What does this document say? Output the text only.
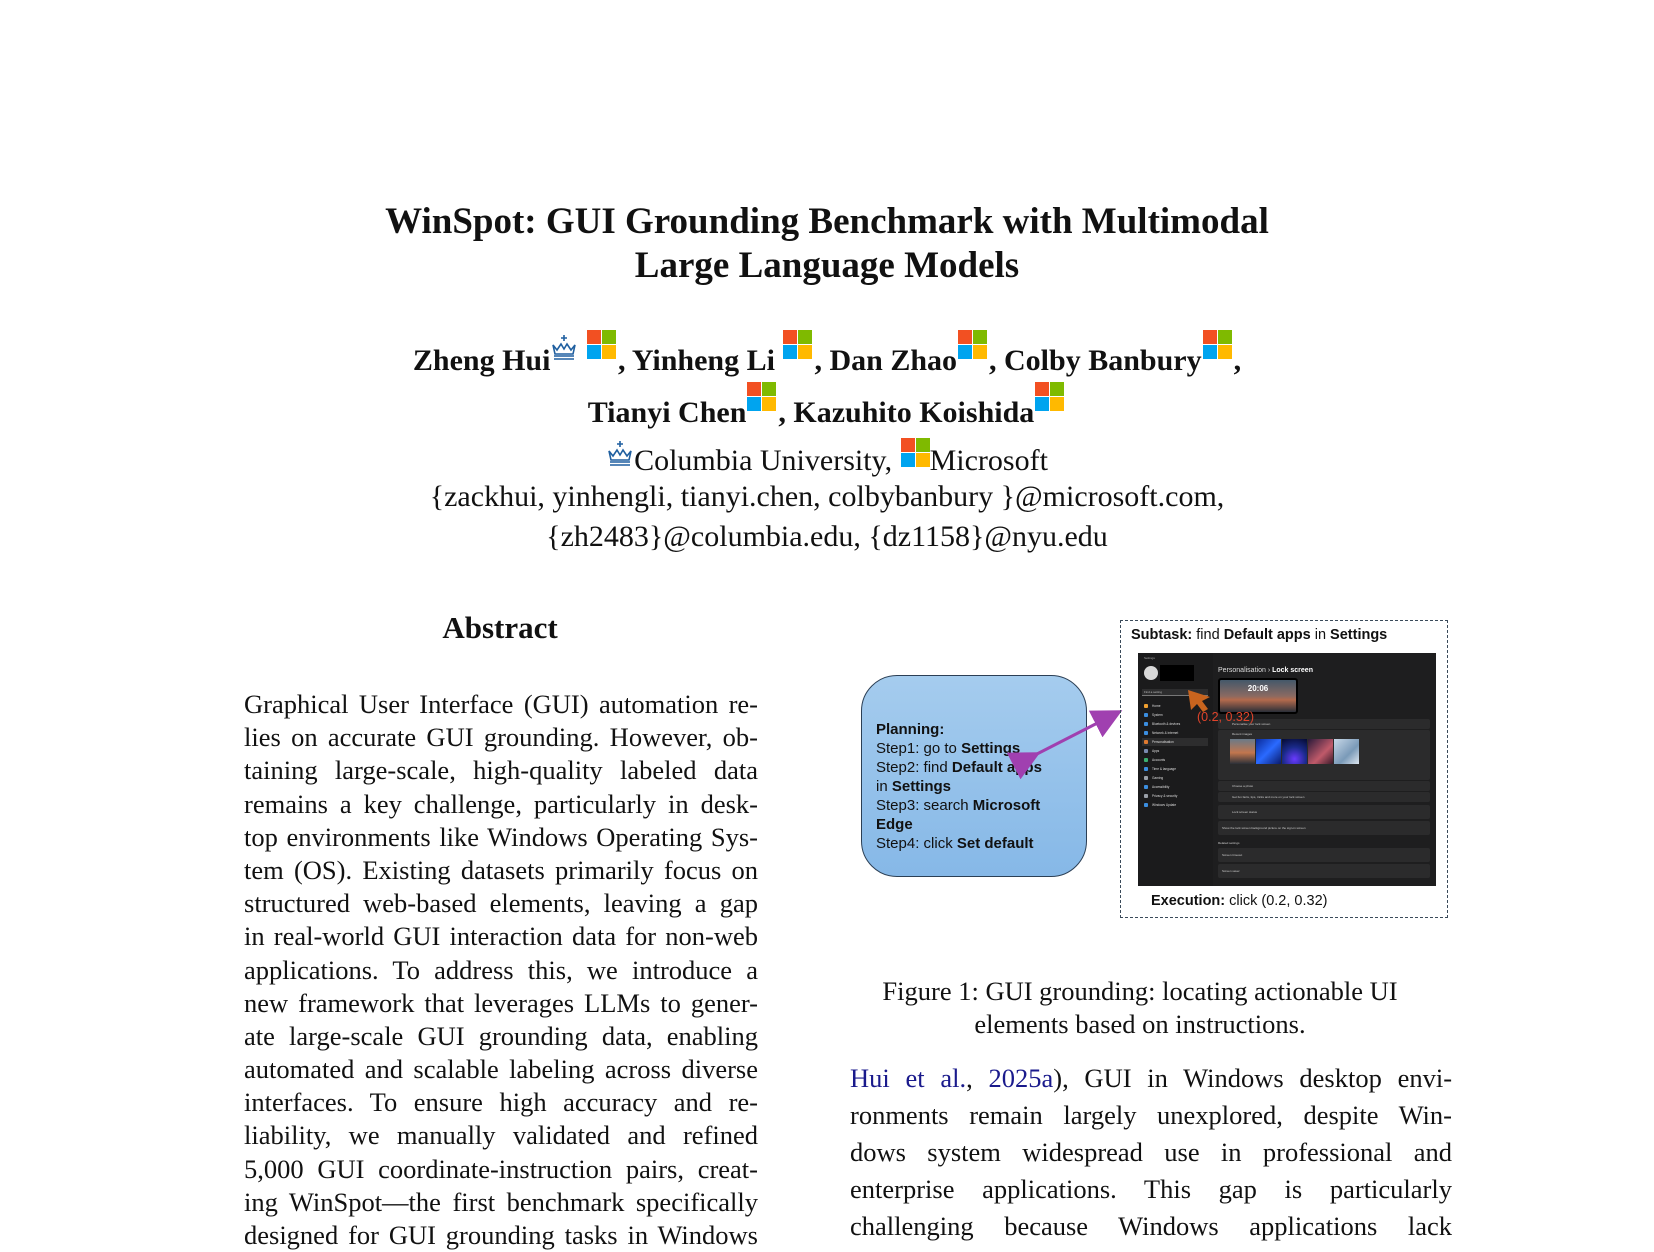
WinSpot: GUI Grounding Benchmark with Multimodal
Large Language Models
Zheng Hui , Yinheng Li , Dan Zhao , Colby Banbury ,
Tianyi Chen , Kazuhito Koishida
Columbia University, Microsoft
{zackhui, yinhengli, tianyi.chen, colbybanbury }@microsoft.com,
{zh2483}@columbia.edu, {dz1158}@nyu.edu
Abstract
Graphical User Interface (GUI) automation re-
lies on accurate GUI grounding. However, ob-
taining large-scale, high-quality labeled data
remains a key challenge, particularly in desk-
top environments like Windows Operating Sys-
tem (OS). Existing datasets primarily focus on
structured web-based elements, leaving a gap
in real-world GUI interaction data for non-web
applications. To address this, we introduce a
new framework that leverages LLMs to gener-
ate large-scale GUI grounding data, enabling
automated and scalable labeling across diverse
interfaces. To ensure high accuracy and re-
liability, we manually validated and refined
5,000 GUI coordinate-instruction pairs, creat-
ing WinSpot—the first benchmark specifically
designed for GUI grounding tasks in Windows
Planning:
Step1: go to Settings
Step2: find Default apps
in Settings
Step3: search Microsoft
Edge
Step4: click Set default
Subtask: find Default apps in Settings
Settings
Find a setting
Home
System
Bluetooth & devices
Network & internet
Personalisation
Apps
Accounts
Time & language
Gaming
Accessibility
Privacy & security
Windows Update
Personalisation › Lock screen
20:06
Personalise your lock screen
Recent images
Choose a photo
Get fun facts, tips, tricks and more on your lock screen
Lock screen status
Show the lock screen background picture on the sign-in screen
Related settings
Screen timeout
Screen saver
(0.2, 0.32)
Execution: click (0.2, 0.32)
Figure 1: GUI grounding: locating actionable UI
elements based on instructions.
Hui et al., 2025a), GUI in Windows desktop envi-
ronments remain largely unexplored, despite Win-
dows system widespread use in professional and
enterprise applications. This gap is particularly
challenging because Windows applications lack
